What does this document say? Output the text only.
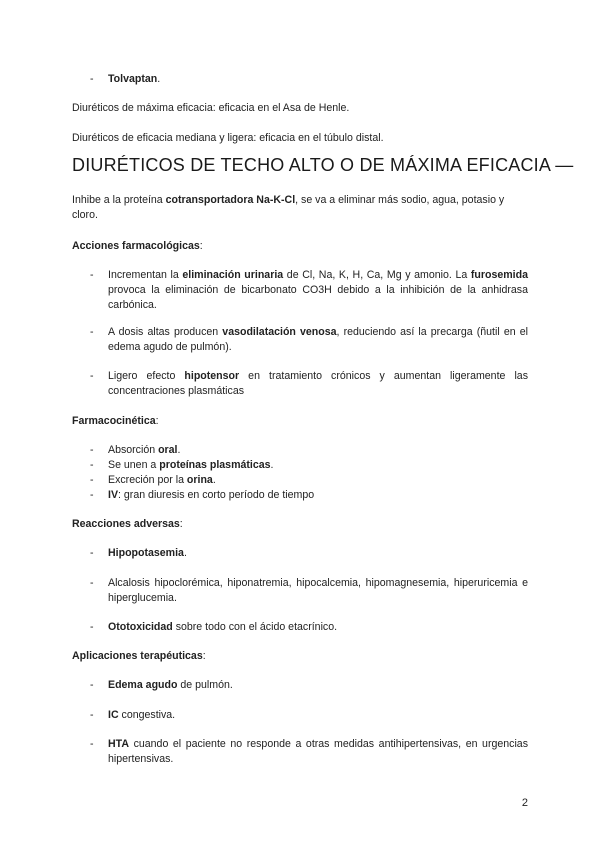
- Tolvaptan.
Diuréticos de máxima eficacia: eficacia en el Asa de Henle.
Diuréticos de eficacia mediana y ligera: eficacia en el túbulo distal.
DIURÉTICOS DE TECHO ALTO O DE MÁXIMA EFICACIA —
Inhibe a la proteína cotransportadora Na-K-Cl, se va a eliminar más sodio, agua, potasio y cloro.
Acciones farmacológicas:
- Incrementan la eliminación urinaria de Cl, Na, K, H, Ca, Mg y amonio. La furosemida provoca la eliminación de bicarbonato CO3H debido a la inhibición de la anhidrasa carbónica.
- A dosis altas producen vasodilatación venosa, reduciendo así la precarga (ñutil en el edema agudo de pulmón).
- Ligero efecto hipotensor en tratamiento crónicos y aumentan ligeramente las concentraciones plasmáticas
Farmacocinética:
- Absorción oral.
- Se unen a proteínas plasmáticas.
- Excreción por la orina.
- IV: gran diuresis en corto período de tiempo
Reacciones adversas:
- Hipopotasemia.
- Alcalosis hipoclorémica, hiponatremia, hipocalcemia, hipomagnesemia, hiperuricemia e hiperglucemia.
- Ototoxicidad sobre todo con el ácido etacrínico.
Aplicaciones terapéuticas:
- Edema agudo de pulmón.
- IC congestiva.
- HTA cuando el paciente no responde a otras medidas antihipertensivas, en urgencias hipertensivas.
2
